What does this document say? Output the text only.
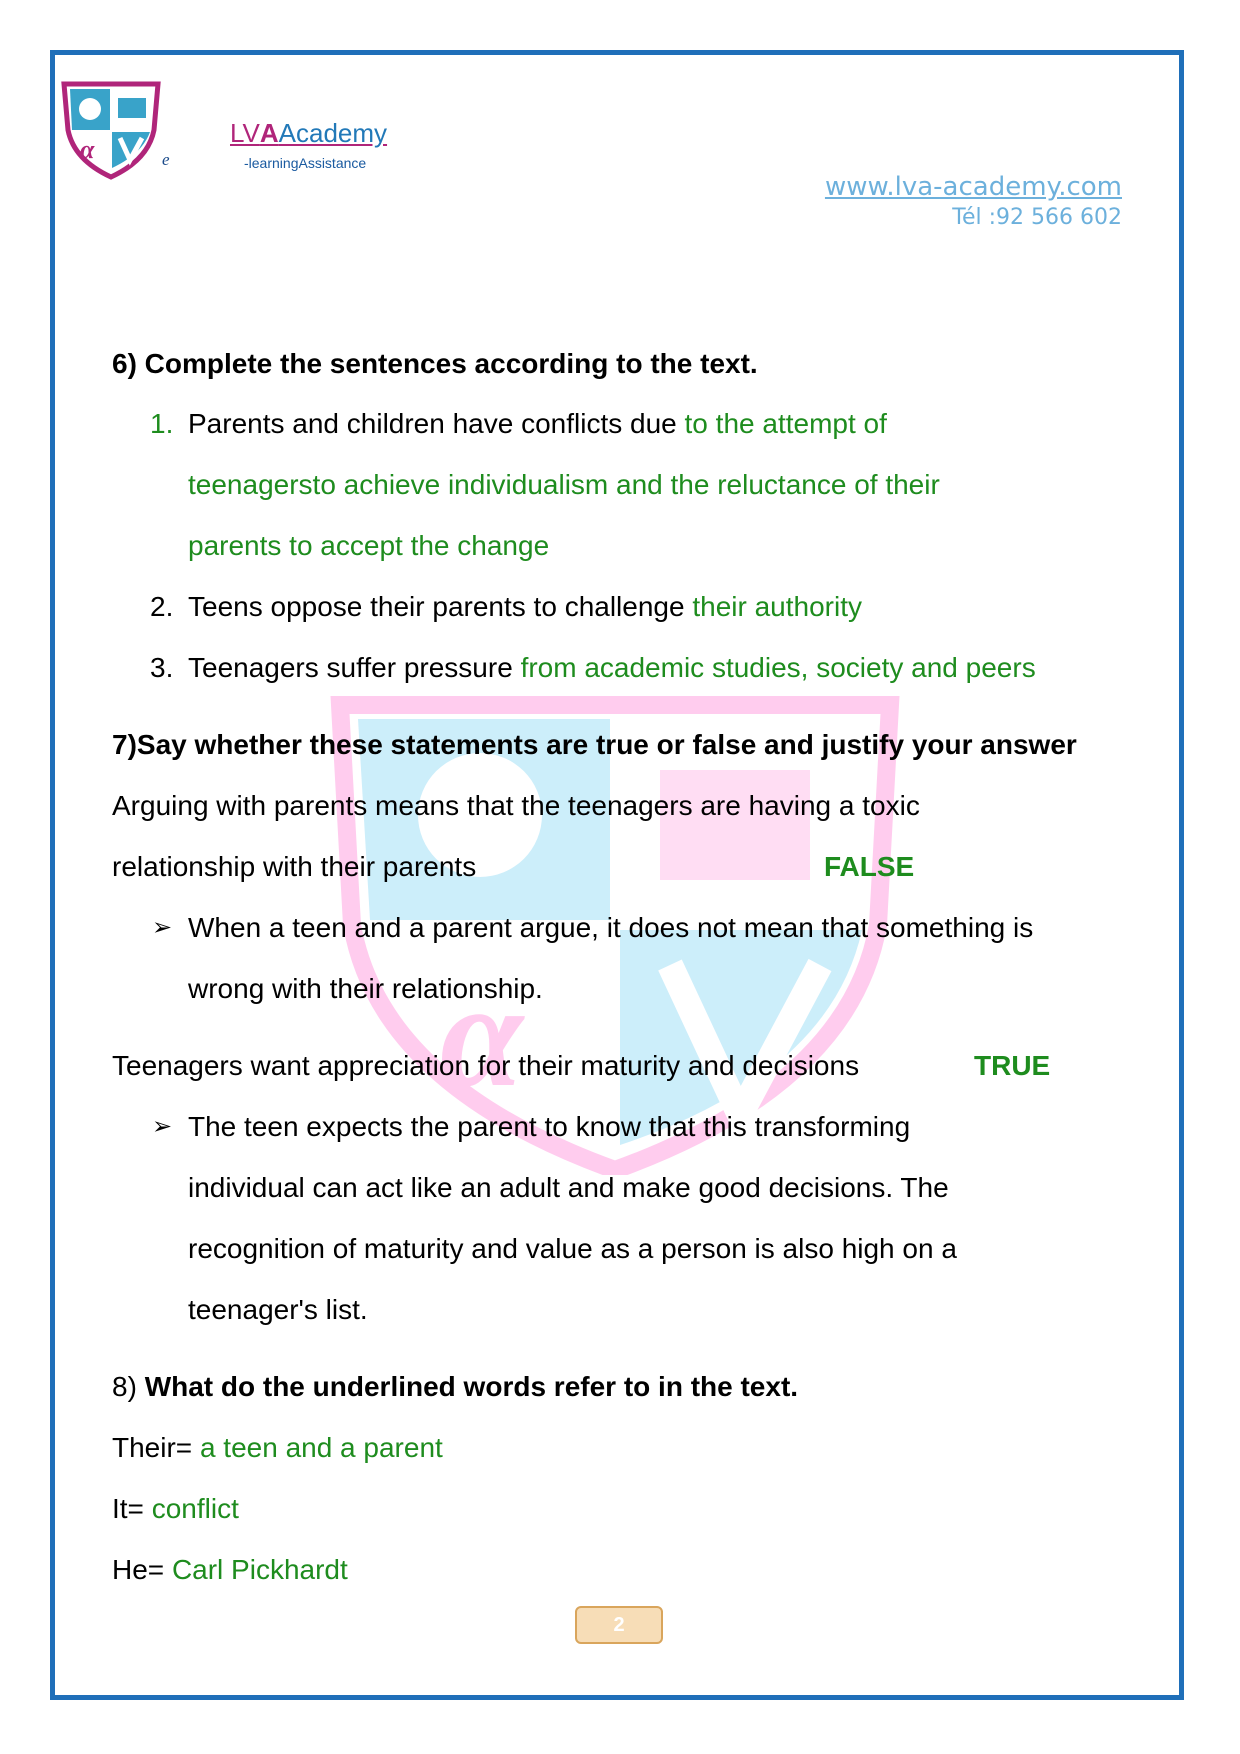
α	e
LVAAcademy
-learningAssistance
www.lva-academy.com
Tél :92 566 602
α
6) Complete the sentences according to the text.
1. Parents and children have conflicts due to the attempt of
teenagersto achieve individualism and the reluctance of their
parents to accept the change
2. Teens oppose their parents to challenge their authority
3. Teenagers suffer pressure from academic studies, society and peers
7)Say whether these statements are true or false and justify your answer
Arguing with parents means that the teenagers are having a toxic
relationship with their parents	FALSE
➢ When a teen and a parent argue, it does not mean that something is
wrong with their relationship.
Teenagers want appreciation for their maturity and decisions	TRUE
➢ The teen expects the parent to know that this transforming
individual can act like an adult and make good decisions. The
recognition of maturity and value as a person is also high on a
teenager's list.
8) What do the underlined words refer to in the text.
Their= a teen and a parent
It= conflict
He= Carl Pickhardt
2
